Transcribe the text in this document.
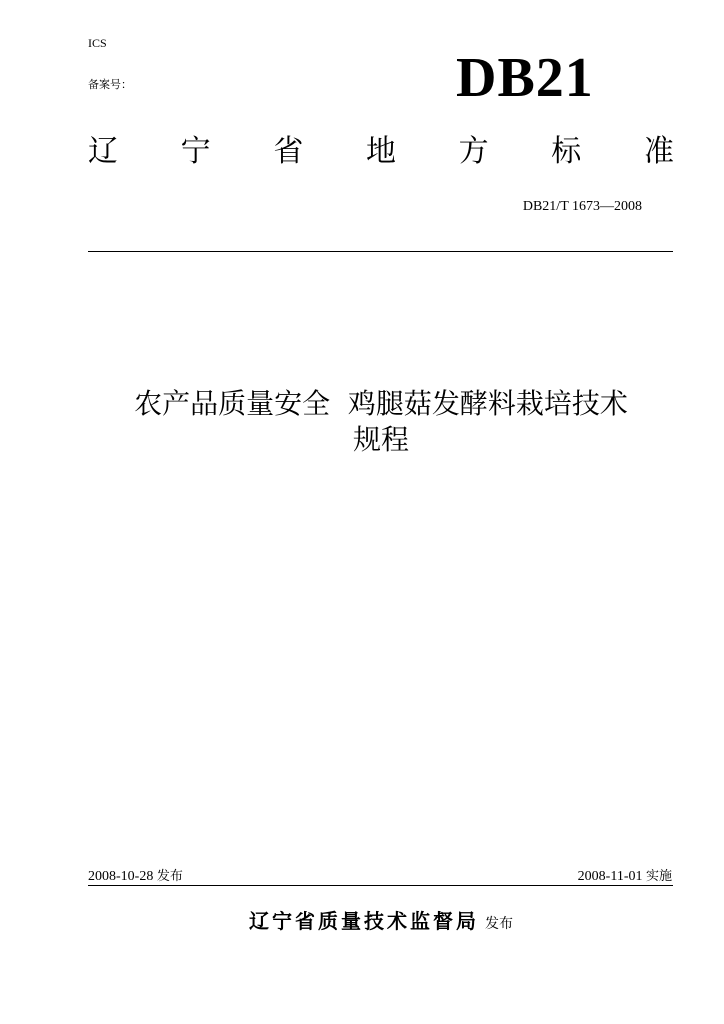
ICS
备案号：	DB21
辽 宁 省 地 方 标 准
DB21/T 1673—2008
农产品质量安全  鸡腿菇发酵料栽培技术
规程
2008-10-28 发布	2008-11-01 实施
辽宁省质量技术监督局 发布
